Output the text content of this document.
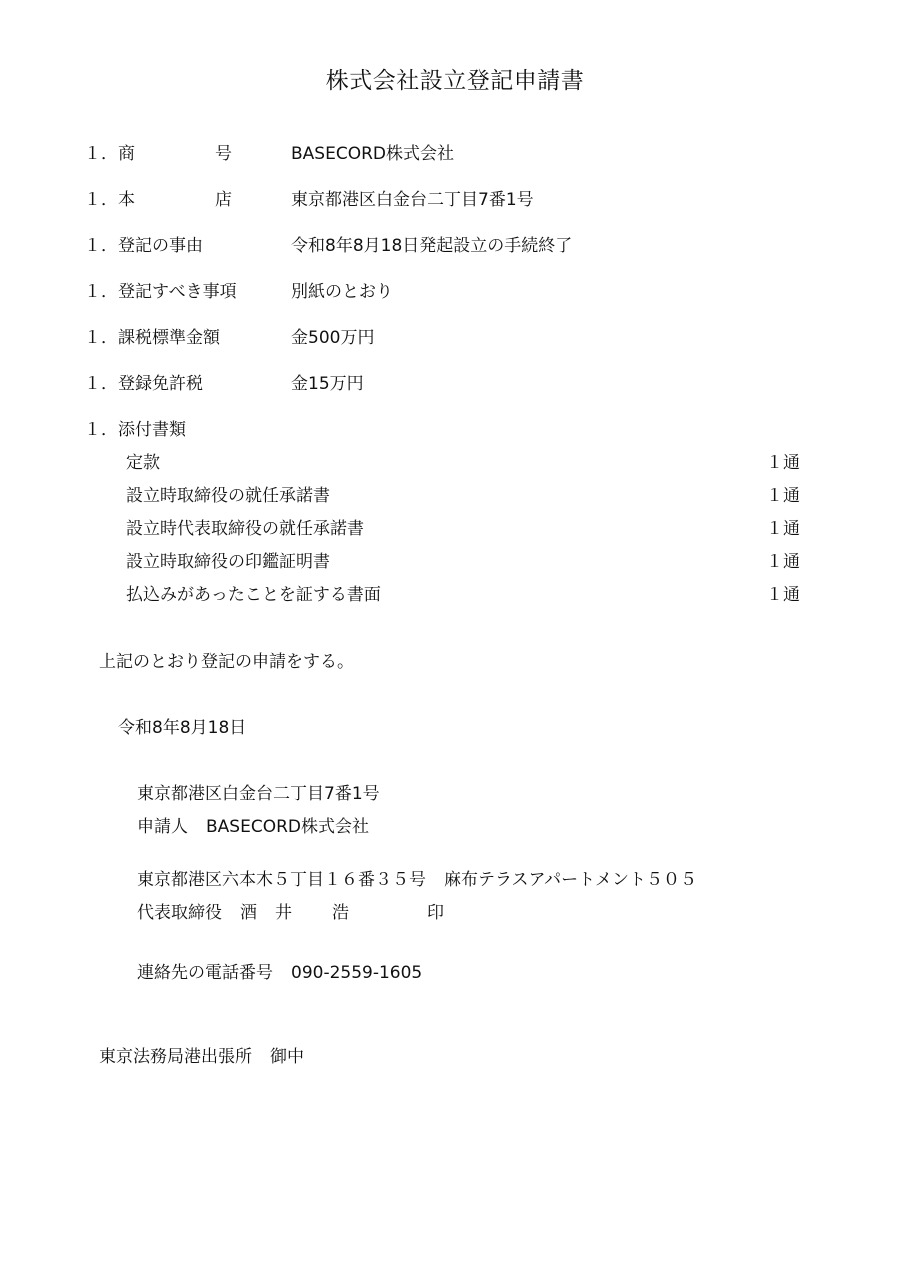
株式会社設立登記申請書
１． 商	号	BASECORD株式会社
１． 本	店	東京都港区白金台二丁目7番1号
１． 登記の事由	令和8年8月18日発起設立の手続終了
１． 登記すべき事項	別紙のとおり
１． 課税標準金額	金500万円
１． 登録免許税	金15万円
１． 添付書類
定款	１通
設立時取締役の就任承諾書	１通
設立時代表取締役の就任承諾書	１通
設立時取締役の印鑑証明書	１通
払込みがあったことを証する書面	１通
上記のとおり登記の申請をする。
令和8年8月18日
東京都港区白金台二丁目7番1号
申請人 BASECORD株式会社
東京都港区六本木５丁目１６番３５号 麻布テラスアパートメント５０５
代表取締役 酒 井 浩	印
連絡先の電話番号 090-2559-1605
東京法務局港出張所 御中
